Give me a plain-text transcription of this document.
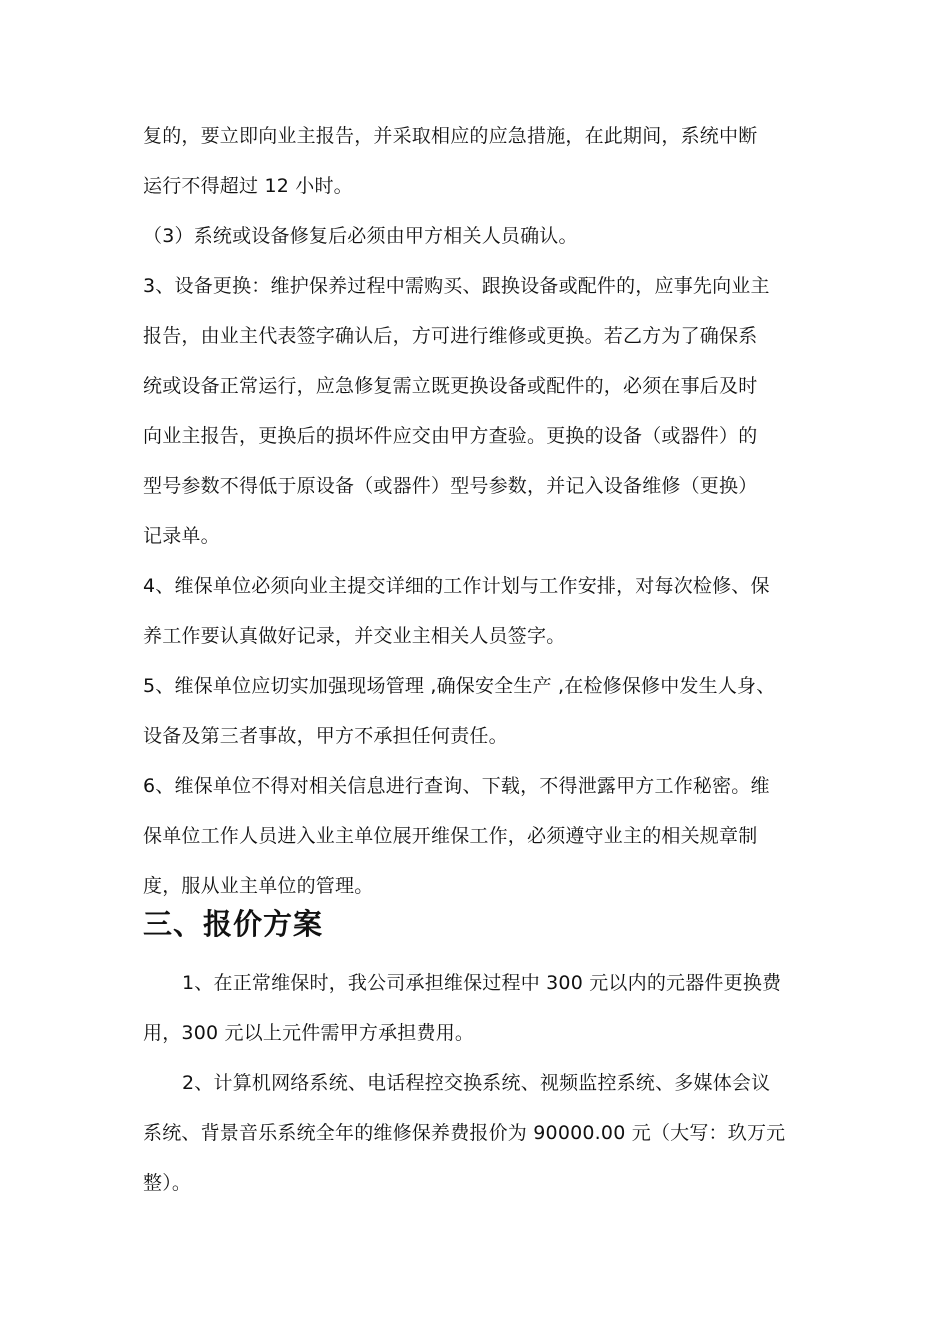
复的，要立即向业主报告，并采取相应的应急措施，在此期间，系统中断
运行不得超过 12 小时。
（3）系统或设备修复后必须由甲方相关人员确认。
3、设备更换：维护保养过程中需购买、跟换设备或配件的，应事先向业主
报告，由业主代表签字确认后，方可进行维修或更换。若乙方为了确保系
统或设备正常运行，应急修复需立既更换设备或配件的，必须在事后及时
向业主报告，更换后的损坏件应交由甲方查验。更换的设备（或器件）的
型号参数不得低于原设备（或器件）型号参数，并记入设备维修（更换）
记录单。
4、维保单位必须向业主提交详细的工作计划与工作安排，对每次检修、保
养工作要认真做好记录，并交业主相关人员签字。
5、维保单位应切实加强现场管理 ,确保安全生产 ,在检修保修中发生人身、
设备及第三者事故，甲方不承担任何责任。
6、维保单位不得对相关信息进行查询、下载，不得泄露甲方工作秘密。维
保单位工作人员进入业主单位展开维保工作，必须遵守业主的相关规章制
度，服从业主单位的管理。
三、报价方案
1、在正常维保时，我公司承担维保过程中 300 元以内的元器件更换费
用，300 元以上元件需甲方承担费用。
2、计算机网络系统、电话程控交换系统、视频监控系统、多媒体会议
系统、背景音乐系统全年的维修保养费报价为 90000.00 元（大写：玖万元
整）。
